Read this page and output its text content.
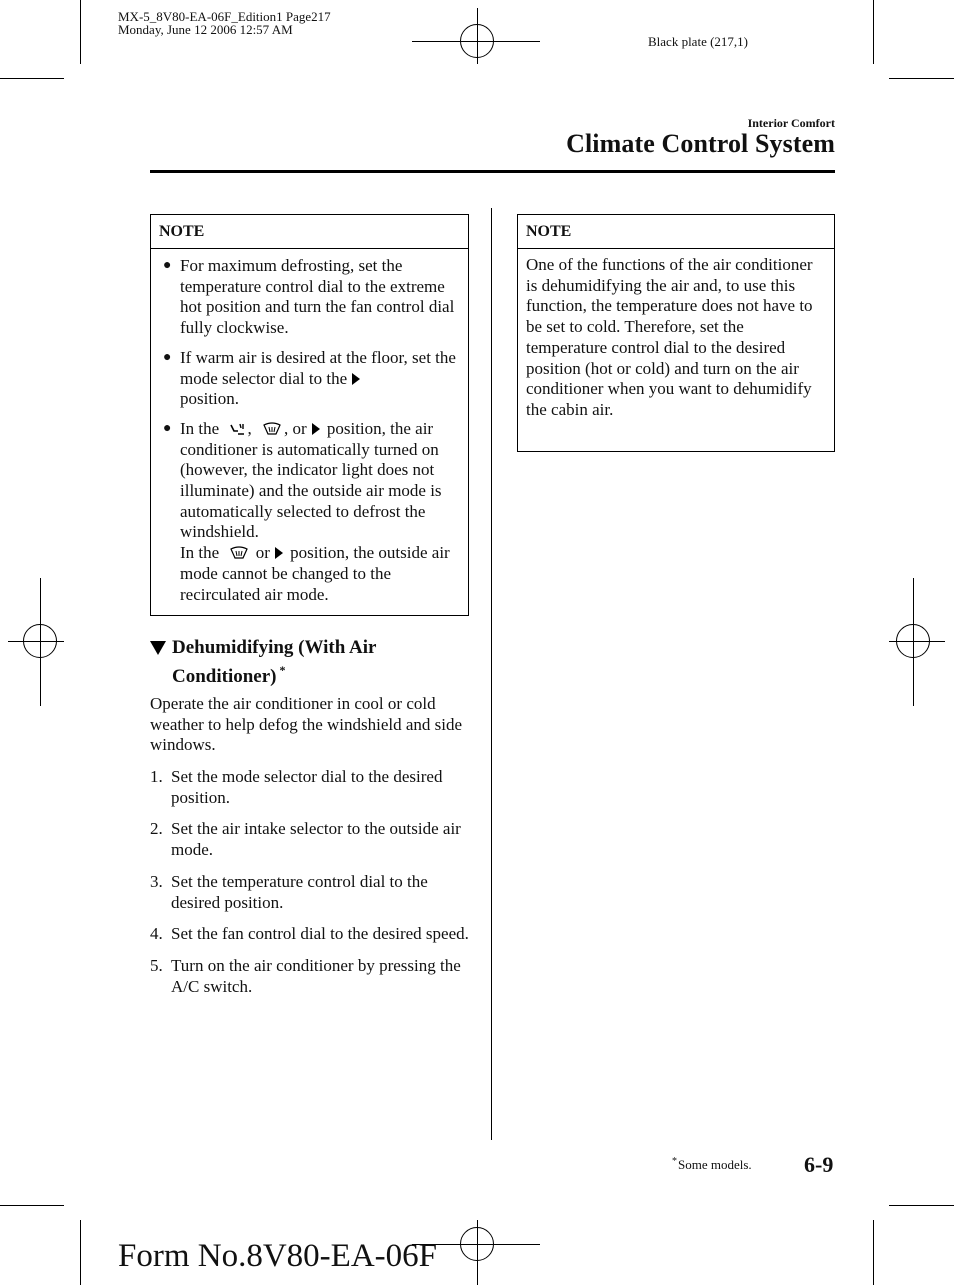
MX-5_8V80-EA-06F_Edition1 Page217
Monday, June 12 2006 12:57 AM
Black plate (217,1)
Interior Comfort
Climate Control System
NOTE
● For maximum defrosting, set the temperature control dial to the extreme hot position and turn the fan control dial fully clockwise.
● If warm air is desired at the floor, set the mode selector dial to the
position.
● In the , , or position, the air conditioner is automatically turned on (however, the indicator light does not illuminate) and the outside air mode is automatically selected to defrost the windshield.
In the or position, the outside air mode cannot be changed to the recirculated air mode.
Dehumidifying (With Air Conditioner) *
Operate the air conditioner in cool or cold weather to help defog the windshield and side windows.
1. Set the mode selector dial to the desired position.
2. Set the air intake selector to the outside air mode.
3. Set the temperature control dial to the desired position.
4. Set the fan control dial to the desired speed.
5. Turn on the air conditioner by pressing the A/C switch.
NOTE
One of the functions of the air conditioner is dehumidifying the air and, to use this function, the temperature does not have to be set to cold. Therefore, set the temperature control dial to the desired position (hot or cold) and turn on the air conditioner when you want to dehumidify the cabin air.
*Some models. 6-9
Form No.8V80-EA-06F
